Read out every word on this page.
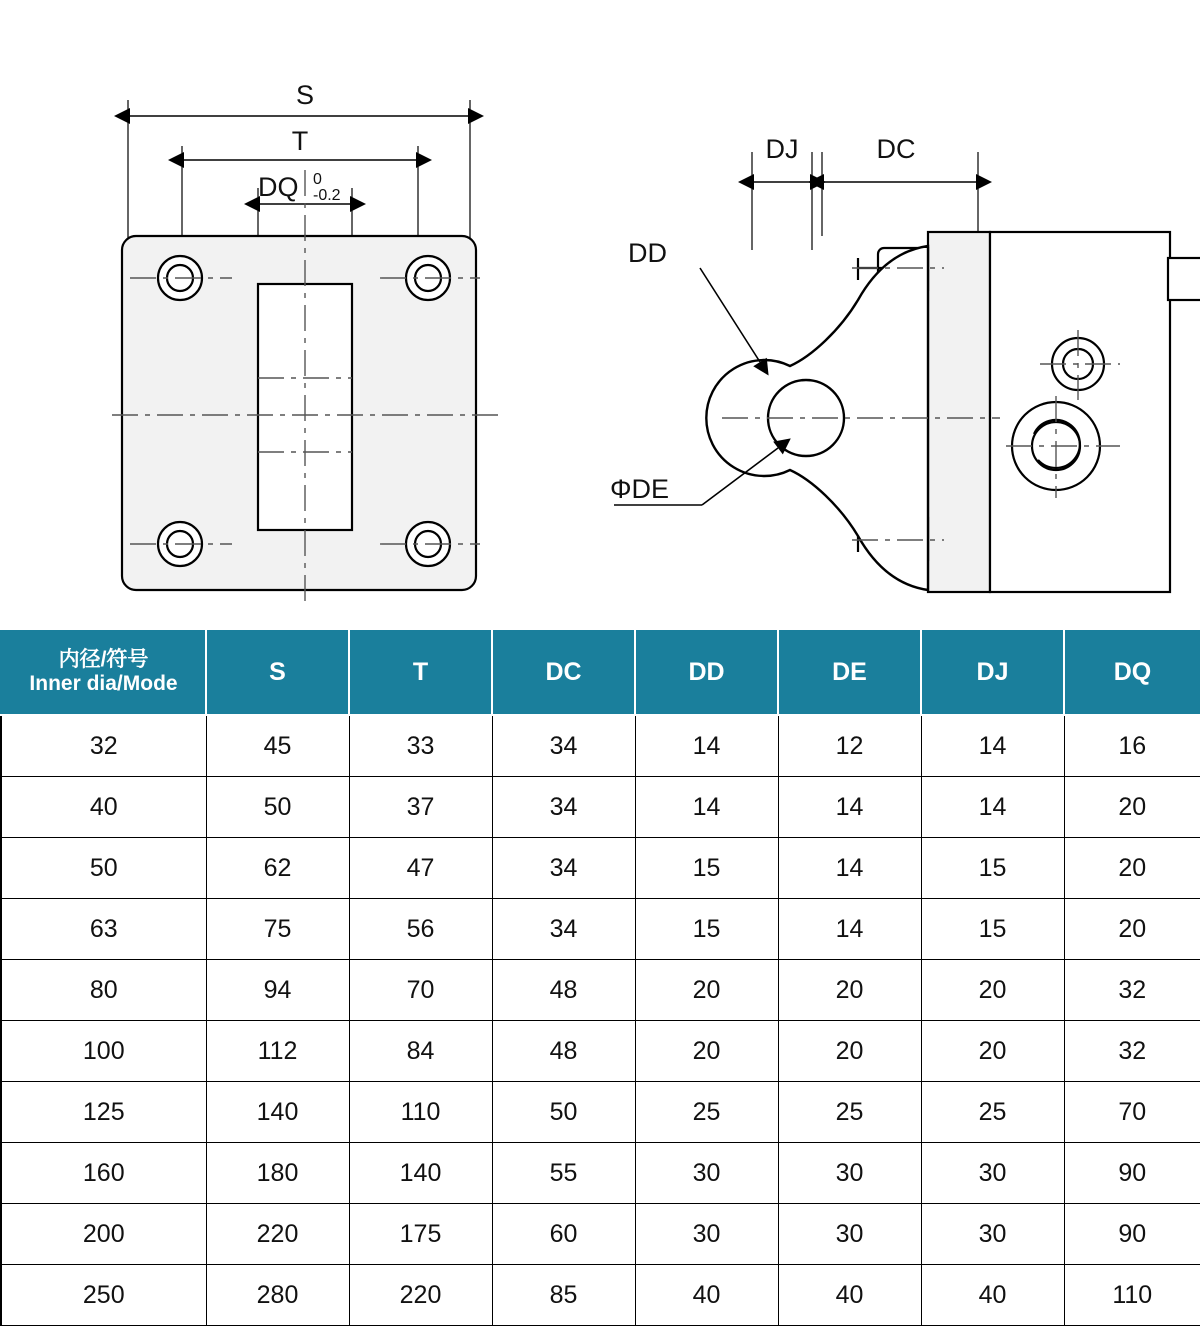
S
T
DQ 0
-0.2
DJ	DC
DD
ΦDE
内径/符号
Inner dia/Mode	S	T	DC	DD	DE	DJ	DQ
32	45	33	34	14	12	14	16
40	50	37	34	14	14	14	20
50	62	47	34	15	14	15	20
63	75	56	34	15	14	15	20
80	94	70	48	20	20	20	32
100	112	84	48	20	20	20	32
125	140	110	50	25	25	25	70
160	180	140	55	30	30	30	90
200	220	175	60	30	30	30	90
250	280	220	85	40	40	40	110
